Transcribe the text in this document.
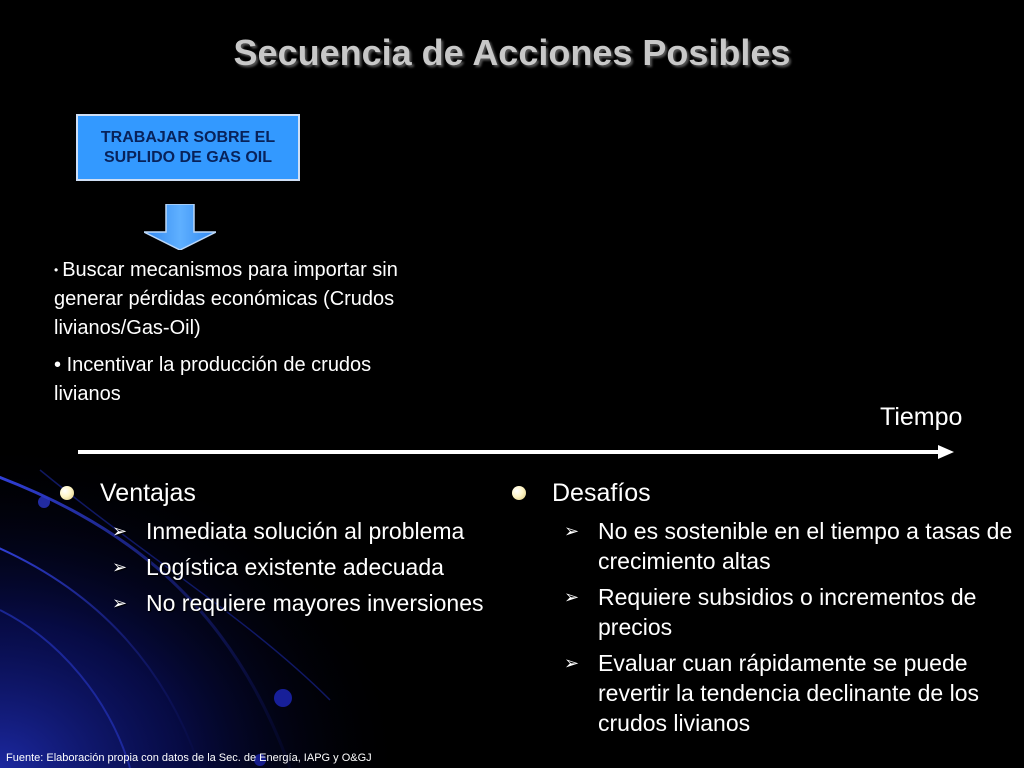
Secuencia de Acciones Posibles
TRABAJAR SOBRE EL
SUPLIDO DE GAS OIL

• Buscar mecanismos para importar sin generar pérdidas económicas (Crudos livianos/Gas-Oil)

• Incentivar la producción de crudos livianos

Tiempo
Ventajas
➢ Inmediata solución al problema
➢ Logística existente adecuada
➢ No requiere mayores inversiones
Desafíos
➢ No es sostenible en el tiempo a tasas de crecimiento altas
➢ Requiere subsidios o incrementos de precios
➢ Evaluar cuan rápidamente se puede revertir la tendencia declinante de los crudos livianos
Fuente: Elaboración propia con datos de la Sec. de Energía, IAPG y O&GJ
